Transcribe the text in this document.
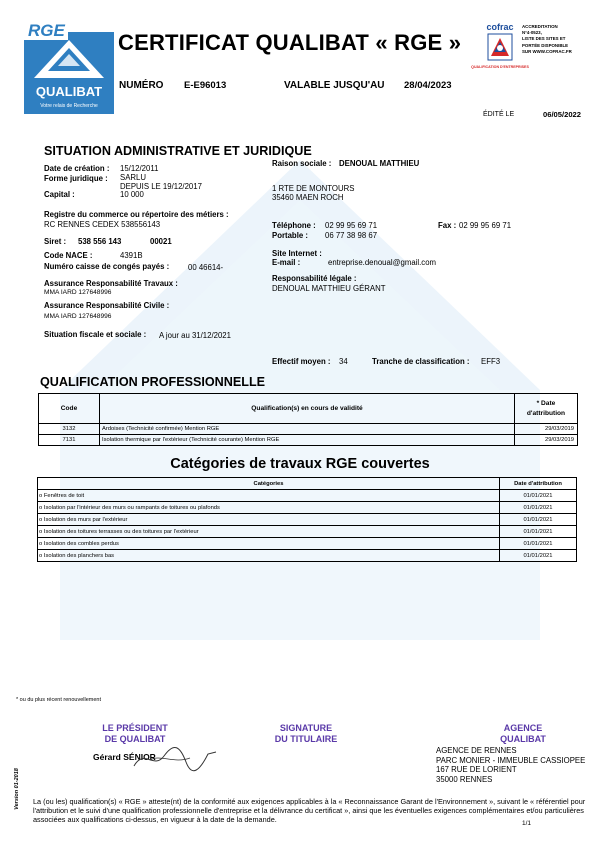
RGE
QUALIBAT
Votre relais de Recherche
CERTIFICAT QUALIBAT « RGE »
cofrac
QUALIFICATION D'ENTREPRISES
ACCREDITATION
N°4-0523,
LISTE DES SITES ET
PORTÉE DISPONIBLE
SUR WWW.COFRAC.FR
NUMÉRO E-E96013	VALABLE JUSQU'AU 28/04/2023
ÉDITÉ LE	06/05/2022
SITUATION ADMINISTRATIVE ET JURIDIQUE
Date de création : 15/12/2011
Forme juridique : SARLU
DEPUIS LE 19/12/2017
Capital :	10 000
Registre du commerce ou répertoire des métiers :
RC RENNES CEDEX 538556143
Siret : 538 556 143	00021
Code NACE :	4391B
Numéro caisse de congés payés : 00 46614-
Assurance Responsabilité Travaux :
MMA IARD 127648996
Assurance Responsabilité Civile :
MMA IARD 127648996
Situation fiscale et sociale : A jour au 31/12/2021
Raison sociale : DENOUAL MATTHIEU
1 RTE DE MONTOURS
35460 MAEN ROCH
Téléphone : 02 99 95 69 71	Fax : 02 99 95 69 71
Portable : 06 77 38 98 67
Site Internet :
E-mail :	entreprise.denoual@gmail.com
Responsabilité légale :
DENOUAL MATTHIEU GÉRANT
Effectif moyen : 34	Tranche de classification : EFF3
QUALIFICATION PROFESSIONNELLE
Code	Qualification(s) en cours de validité	* Date
d'attribution

3132	Ardoises (Technicité confirmée) Mention RGE	29/03/2019
7131	Isolation thermique par l'extérieur (Technicité courante) Mention RGE	29/03/2019
Catégories de travaux RGE couvertes
Catégories	Date d'attribution
o Fenêtres de toit	01/01/2021
o Isolation par l'intérieur des murs ou rampants de toitures ou plafonds	01/01/2021
o Isolation des murs par l'extérieur	01/01/2021
o Isolation des toitures terrasses ou des toitures par l'extérieur	01/01/2021
o Isolation des combles perdus	01/01/2021
o Isolation des planchers bas	01/01/2021
* ou du plus récent renouvellement
LE PRÉSIDENT
DE QUALIBAT
Gérard SÉNIOR
SIGNATURE
DU TITULAIRE
AGENCE
QUALIBAT
AGENCE DE RENNES
PARC MONIER - IMMEUBLE CASSIOPEE
167 RUE DE LORIENT
35000 RENNES
Version 01-2018 La (ou les) qualification(s) « RGE » atteste(nt) de la conformité aux exigences applicables à la « Reconnaissance Garant de l'Environnement », suivant le « référentiel pour l'attribution et le suivi d'une qualification professionnelle d'entreprise et la délivrance du certificat », ainsi que les éventuelles exigences complémentaires et/ou particulières associées aux qualifications ci-dessus, en vigueur à la date de la demande.	1/1
